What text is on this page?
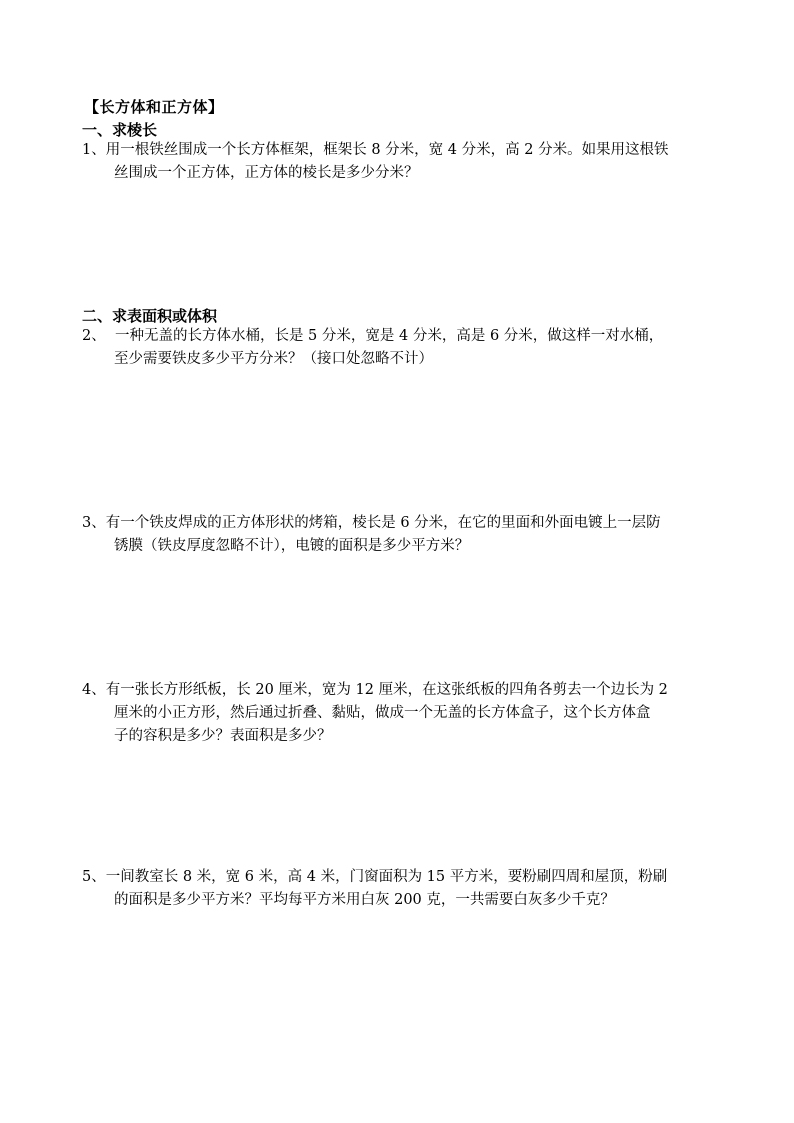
【长方体和正方体】
一、求棱长
1、用一根铁丝围成一个长方体框架，框架长 8 分米，宽 4 分米，高 2 分米。如果用这根铁
丝围成一个正方体，正方体的棱长是多少分米？
二、求表面积或体积
2、  一种无盖的长方体水桶，长是 5 分米，宽是 4 分米，高是 6 分米，做这样一对水桶，
至少需要铁皮多少平方分米？（接口处忽略不计）
3、有一个铁皮焊成的正方体形状的烤箱，棱长是 6 分米，在它的里面和外面电镀上一层防
锈膜（铁皮厚度忽略不计），电镀的面积是多少平方米？
4、有一张长方形纸板，长 20 厘米，宽为 12 厘米，在这张纸板的四角各剪去一个边长为 2
厘米的小正方形，然后通过折叠、黏贴，做成一个无盖的长方体盒子，这个长方体盒
子的容积是多少？表面积是多少？
5、一间教室长 8 米，宽 6 米，高 4 米，门窗面积为 15 平方米，要粉刷四周和屋顶，粉刷
的面积是多少平方米？平均每平方米用白灰 200 克，一共需要白灰多少千克？
